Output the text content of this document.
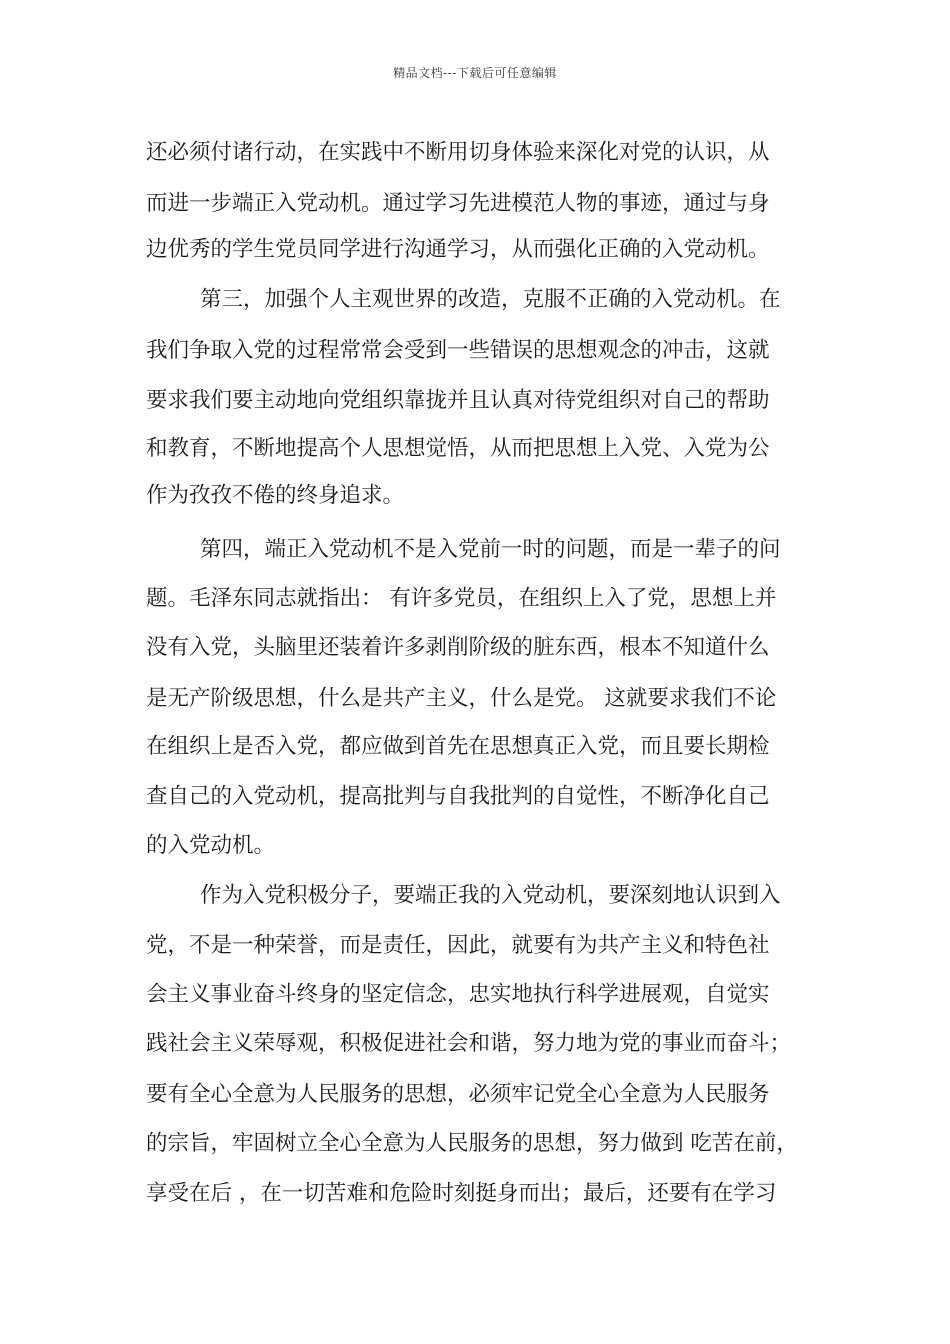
精品文档---下载后可任意编辑
还必须付诸行动，在实践中不断用切身体验来深化对党的认识，从
而进一步端正入党动机。通过学习先进模范人物的事迹，通过与身
边优秀的学生党员同学进行沟通学习，从而强化正确的入党动机。
第三，加强个人主观世界的改造，克服不正确的入党动机。在
我们争取入党的过程常常会受到一些错误的思想观念的冲击，这就
要求我们要主动地向党组织靠拢并且认真对待党组织对自己的帮助
和教育，不断地提高个人思想觉悟，从而把思想上入党、入党为公
作为孜孜不倦的终身追求。
第四，端正入党动机不是入党前一时的问题，而是一辈子的问
题。毛泽东同志就指出： 有许多党员，在组织上入了党，思想上并
没有入党，头脑里还装着许多剥削阶级的脏东西，根本不知道什么
是无产阶级思想，什么是共产主义，什么是党。 这就要求我们不论
在组织上是否入党，都应做到首先在思想真正入党，而且要长期检
查自己的入党动机，提高批判与自我批判的自觉性，不断净化自己
的入党动机。
作为入党积极分子，要端正我的入党动机，要深刻地认识到入
党，不是一种荣誉，而是责任，因此，就要有为共产主义和特色社
会主义事业奋斗终身的坚定信念，忠实地执行科学进展观，自觉实
践社会主义荣辱观，积极促进社会和谐，努力地为党的事业而奋斗；
要有全心全意为人民服务的思想，必须牢记党全心全意为人民服务
的宗旨，牢固树立全心全意为人民服务的思想，努力做到 吃苦在前，
享受在后 ，在一切苦难和危险时刻挺身而出；最后，还要有在学习
